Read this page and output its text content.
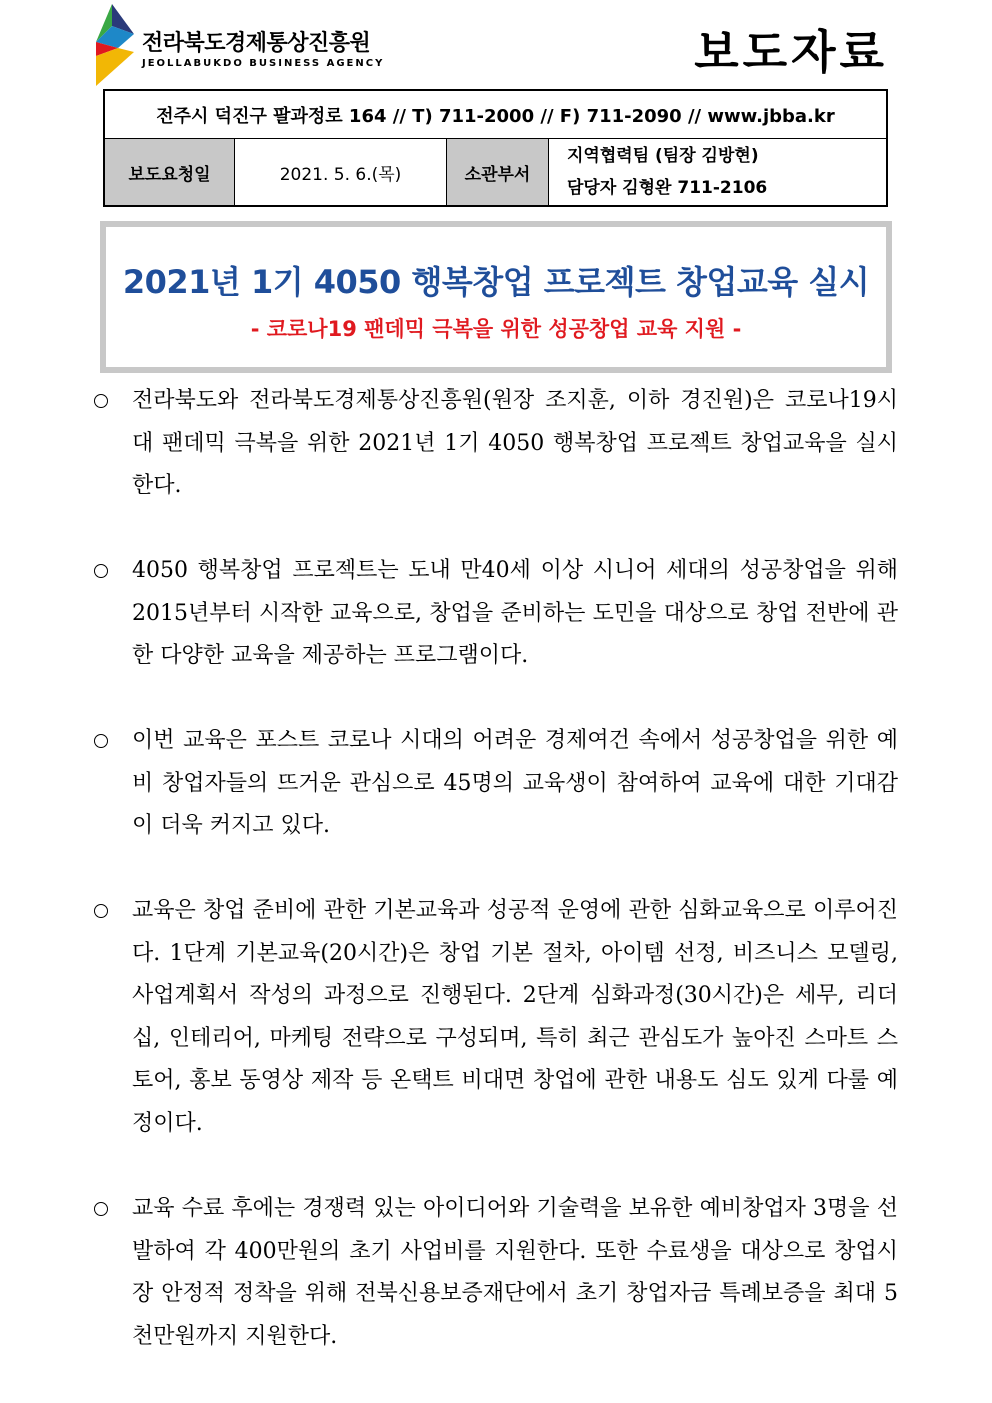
전라북도경제통상진흥원
JEOLLABUKDO BUSINESS AGENCY	보도자료
전주시 덕진구 팔과정로 164 // T) 711-2000 // F) 711-2090 // www.jbba.kr
보도요청일	2021. 5. 6.(목)	소관부서
지역협력팀 (팀장 김방현)
담당자 김형완 711-2106
2021년 1기 4050 행복창업 프로젝트 창업교육 실시
- 코로나19 팬데믹 극복을 위한 성공창업 교육 지원 -

전라북도와 전라북도경제통상진흥원(원장 조지훈, 이하 경진원)은 코로나19시대 팬데믹 극복을 위한 2021년 1기 4050 행복창업 프로젝트 창업교육을 실시한다.

4050 행복창업 프로젝트는 도내 만40세 이상 시니어 세대의 성공창업을 위해 2015년부터 시작한 교육으로, 창업을 준비하는 도민을 대상으로 창업 전반에 관한 다양한 교육을 제공하는 프로그램이다.

이번 교육은 포스트 코로나 시대의 어려운 경제여건 속에서 성공창업을 위한 예비 창업자들의 뜨거운 관심으로 45명의 교육생이 참여하여 교육에 대한 기대감이 더욱 커지고 있다.

교육은 창업 준비에 관한 기본교육과 성공적 운영에 관한 심화교육으로 이루어진다. 1단계 기본교육(20시간)은 창업 기본 절차, 아이템 선정, 비즈니스 모델링, 사업계획서 작성의 과정으로 진행된다. 2단계 심화과정(30시간)은 세무, 리더십, 인테리어, 마케팅 전략으로 구성되며, 특히 최근 관심도가 높아진 스마트 스토어, 홍보 동영상 제작 등 온택트 비대면 창업에 관한 내용도 심도 있게 다룰 예정이다.

교육 수료 후에는 경쟁력 있는 아이디어와 기술력을 보유한 예비창업자 3명을 선발하여 각 400만원의 초기 사업비를 지원한다. 또한 수료생을 대상으로 창업시장 안정적 정착을 위해 전북신용보증재단에서 초기 창업자금 특례보증을 최대 5천만원까지 지원한다.
